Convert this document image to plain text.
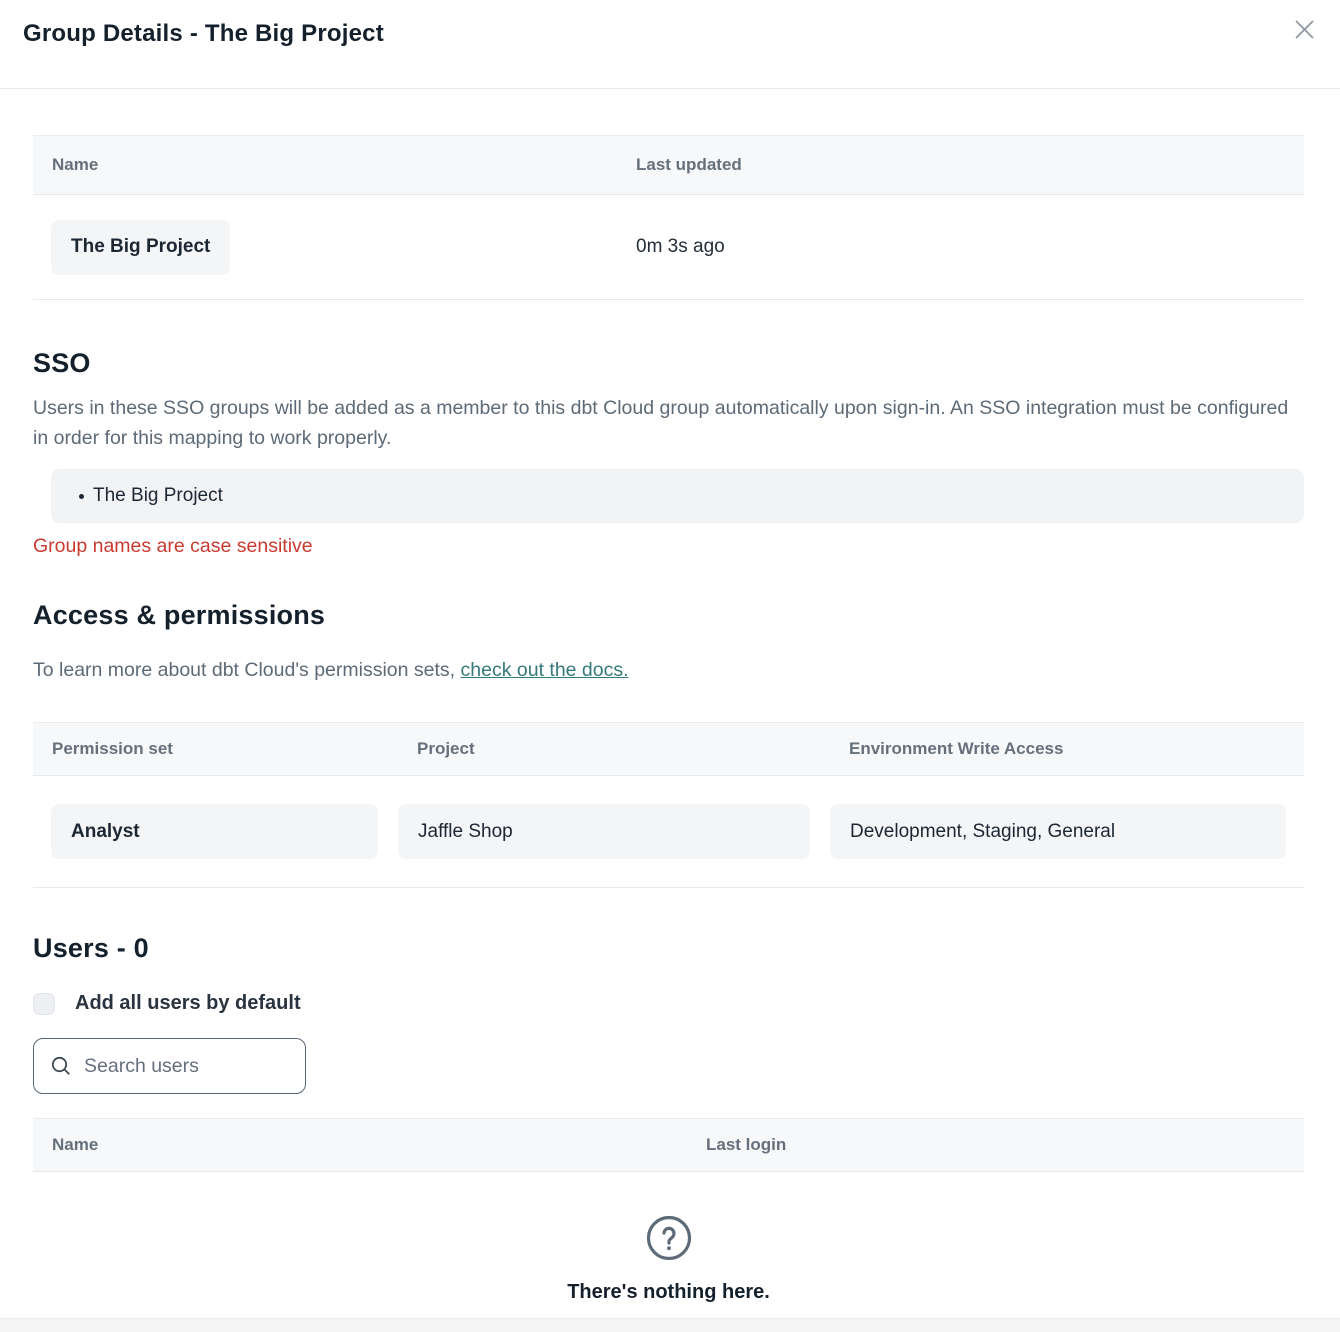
Group Details - The Big Project
Name	Last updated
The Big Project	0m 3s ago
SSO
Users in these SSO groups will be added as a member to this dbt Cloud group automatically upon sign-in. An SSO integration must be configured in order for this mapping to work properly.
The Big Project
Group names are case sensitive
Access & permissions
To learn more about dbt Cloud's permission sets, check out the docs.
Permission set	Project	Environment Write Access
Analyst	Jaffle Shop	Development, Staging, General
Users - 0
Add all users by default
Search users
Name	Last login
There's nothing here.
